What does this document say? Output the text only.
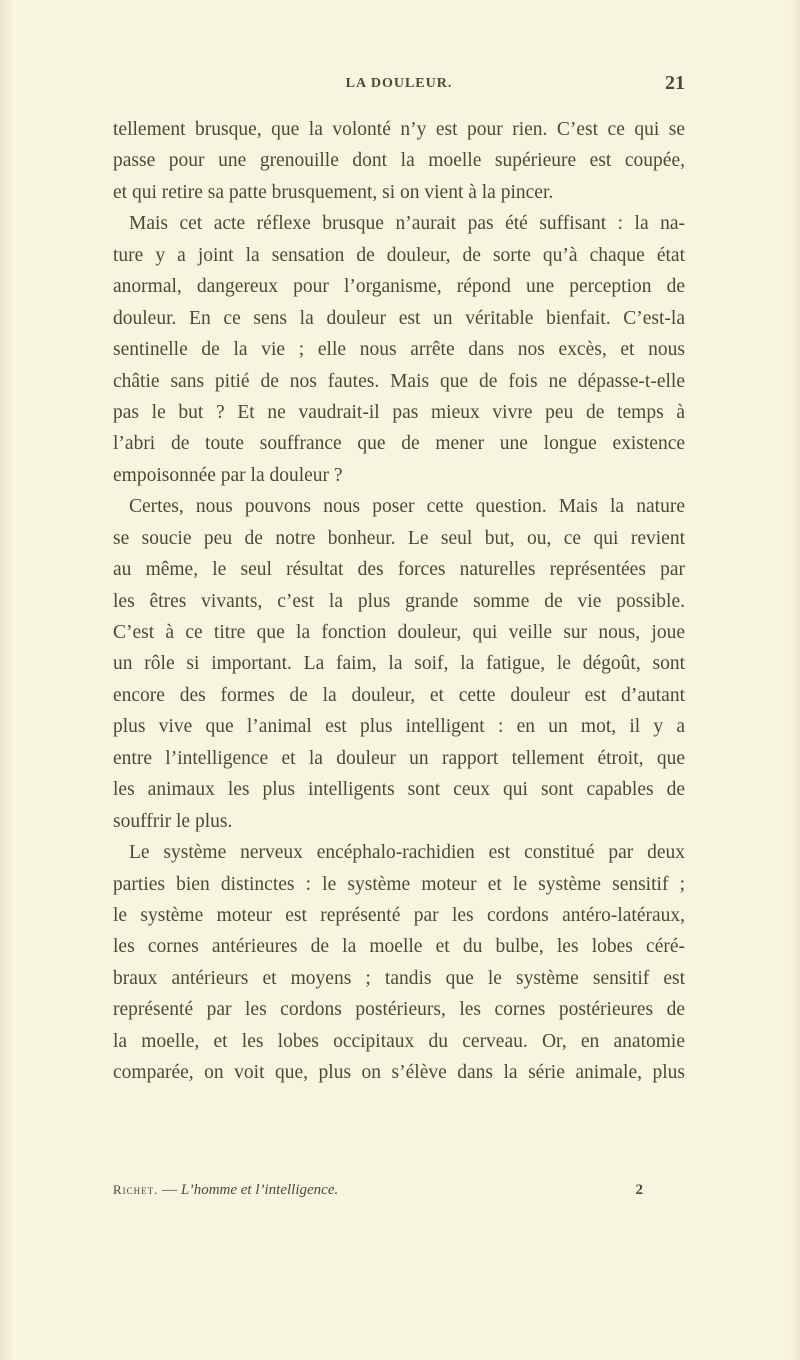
LA DOULEUR.	21
tellement brusque, que la volonté n’y est pour rien. C’est ce qui se
passe pour une grenouille dont la moelle supérieure est coupée,
et qui retire sa patte brusquement, si on vient à la pincer.
Mais cet acte réflexe brusque n’aurait pas été suffisant : la na-
ture y a joint la sensation de douleur, de sorte qu’à chaque état
anormal, dangereux pour l’organisme, répond une perception de
douleur. En ce sens la douleur est un véritable bienfait. C’est-la
sentinelle de la vie ; elle nous arrête dans nos excès, et nous
châtie sans pitié de nos fautes. Mais que de fois ne dépasse-t-elle
pas le but ? Et ne vaudrait-il pas mieux vivre peu de temps à
l’abri de toute souffrance que de mener une longue existence
empoisonnée par la douleur ?
Certes, nous pouvons nous poser cette question. Mais la nature
se soucie peu de notre bonheur. Le seul but, ou, ce qui revient
au même, le seul résultat des forces naturelles représentées par
les êtres vivants, c’est la plus grande somme de vie possible.
C’est à ce titre que la fonction douleur, qui veille sur nous, joue
un rôle si important. La faim, la soif, la fatigue, le dégoût, sont
encore des formes de la douleur, et cette douleur est d’autant
plus vive que l’animal est plus intelligent : en un mot, il y a
entre l’intelligence et la douleur un rapport tellement étroit, que
les animaux les plus intelligents sont ceux qui sont capables de
souffrir le plus.
Le système nerveux encéphalo-rachidien est constitué par deux
parties bien distinctes : le système moteur et le système sensitif ;
le système moteur est représenté par les cordons antéro-latéraux,
les cornes antérieures de la moelle et du bulbe, les lobes céré-
braux antérieurs et moyens ; tandis que le système sensitif est
représenté par les cordons postérieurs, les cornes postérieures de
la moelle, et les lobes occipitaux du cerveau. Or, en anatomie
comparée, on voit que, plus on s’élève dans la série animale, plus
Richet. — L’homme et l’intelligence.	2
